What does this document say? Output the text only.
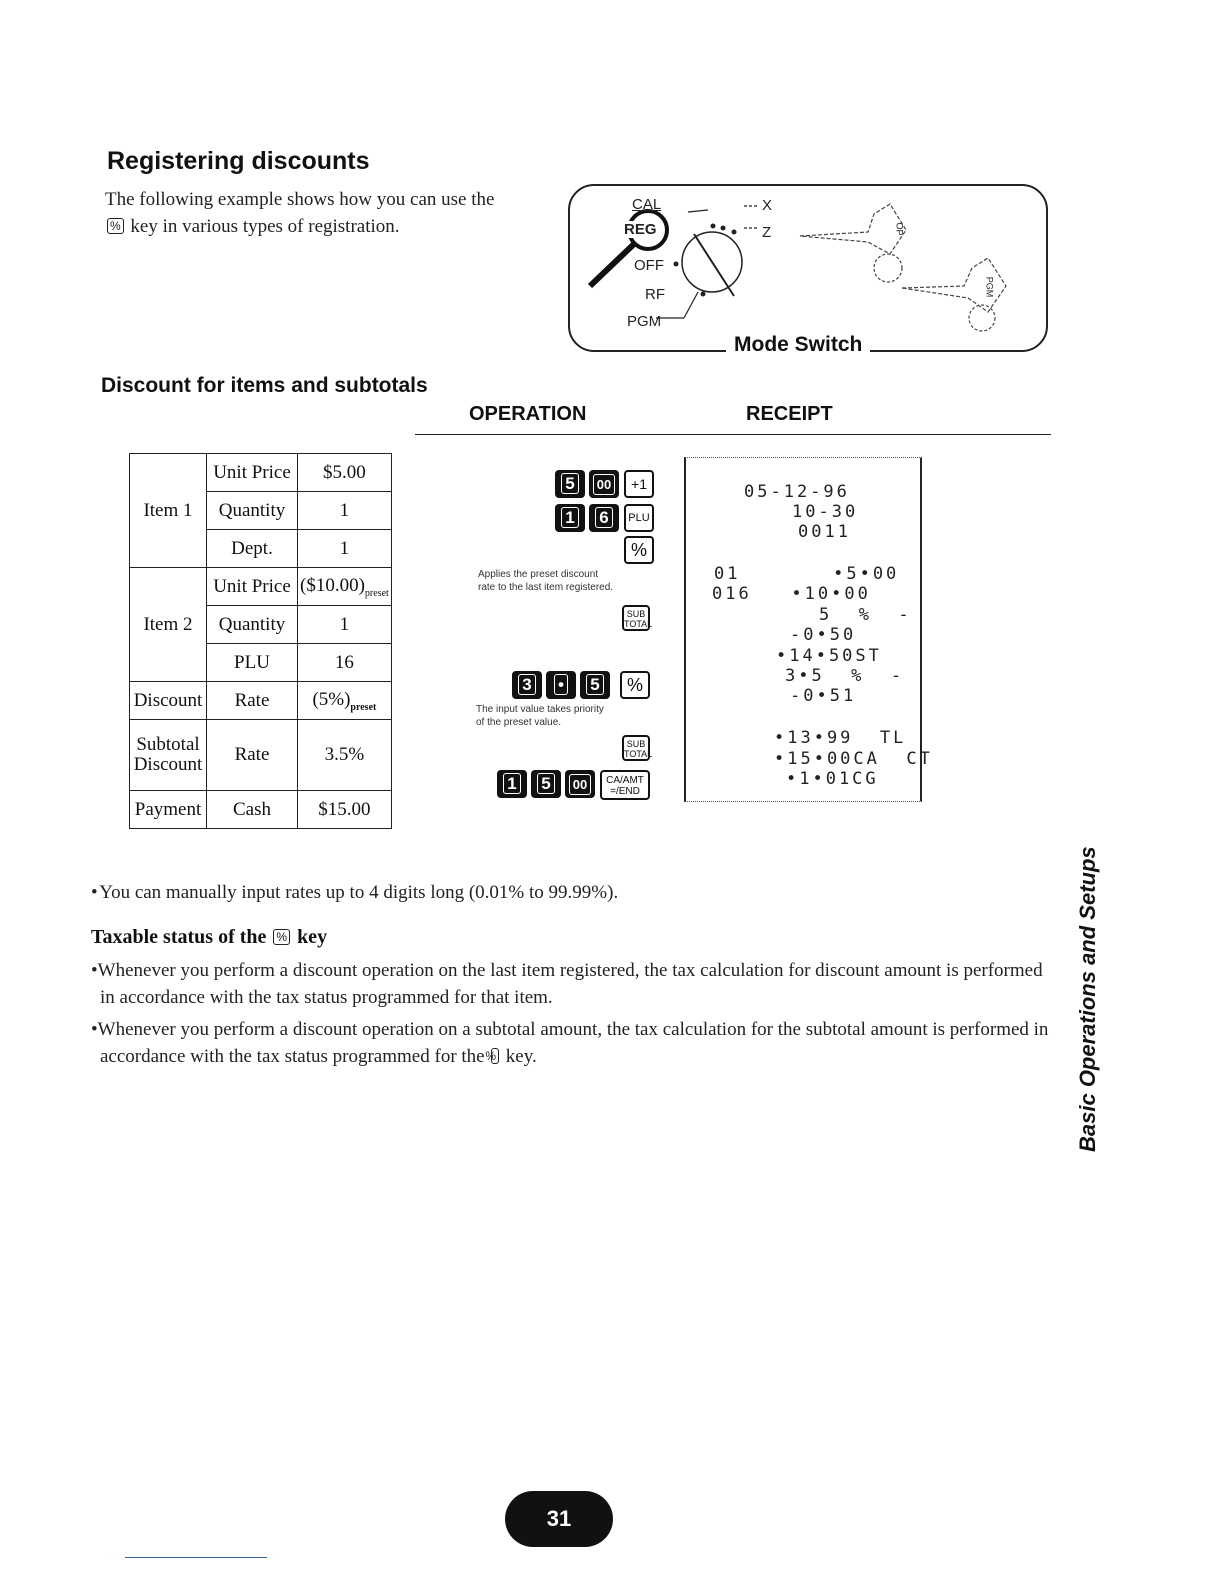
Registering discounts
The following example shows how you can use the
% key in various types of registration.
CAL
REG
OFF
RF
PGM
X
Z	OP
PGM
Mode Switch
Discount for items and subtotals
OPERATION	RECEIPT
Item 1	Unit Price	$5.00
	Quantity	1
	Dept.	1
Item 2	Unit Price	$(\$10.00)_{preset}$
	Quantity	1
	PLU	16
Discount	Rate	$(5\%)_{preset}$
Subtotal
Discount	Rate	3.5%
Payment	Cash	$15.00
5	00	+1
1	6	PLU
%
Applies the preset discount
rate to the last item registered.
SUB
TOTAL
3	•	5	%
The input value takes priority
of the preset value.
SUB
TOTAL
1	5	00	CA/AMT
=/END
05-12-96
10-30
0011
01       •5•00
016   •10•00
5  %  -
-0•50
•14•50ST
3•5  %  -
-0•51
•13•99  TL
•15•00CA  CT
•1•01CG
• You can manually input rates up to 4 digits long (0.01% to 99.99%).
Taxable status of the % key
•Whenever you perform a discount operation on the last item registered, the tax calculation for discount amount is performed in accordance with the tax status programmed for that item.
•Whenever you perform a discount operation on a subtotal amount, the tax calculation for the subtotal amount is performed in accordance with the tax status programmed for the % key.	Basic Operations and Setups
31
